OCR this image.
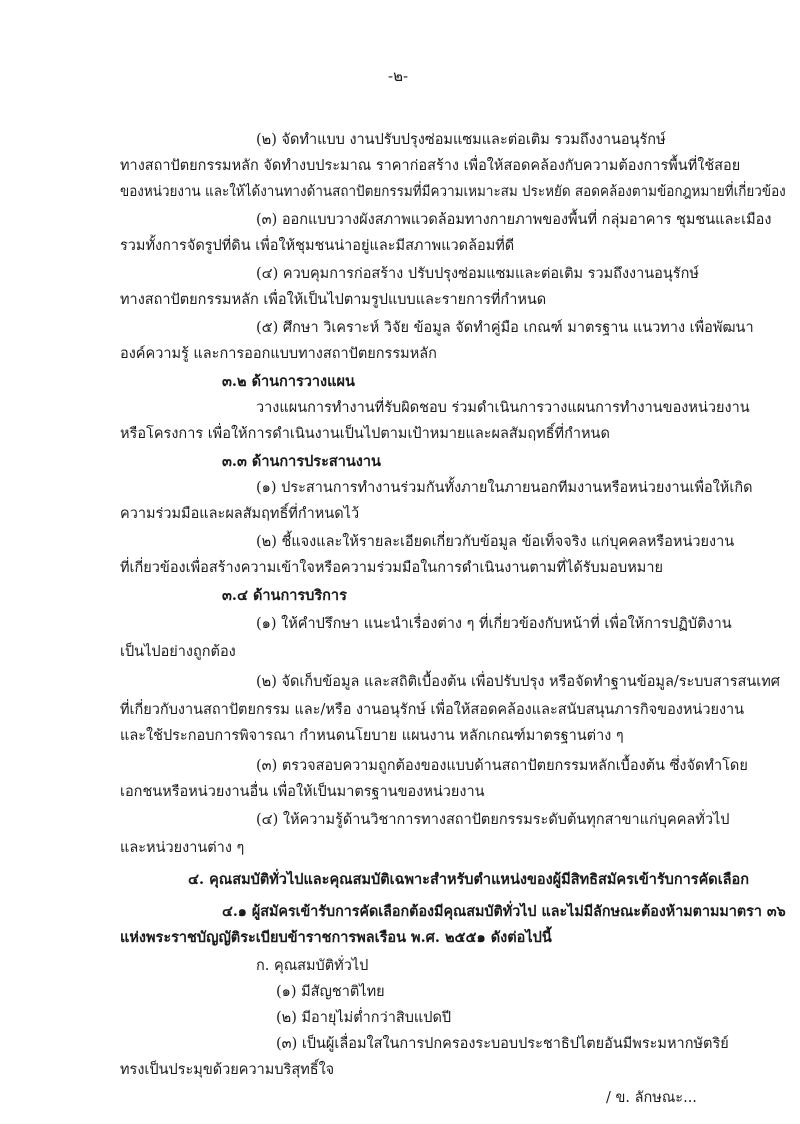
-๒-
(๒) จัดทำแบบ งานปรับปรุงซ่อมแซมและต่อเติม รวมถึงงานอนุรักษ์
ทางสถาปัตยกรรมหลัก จัดทำงบประมาณ ราคาก่อสร้าง เพื่อให้สอดคล้องกับความต้องการพื้นที่ใช้สอย
ของหน่วยงาน และให้ได้งานทางด้านสถาปัตยกรรมที่มีความเหมาะสม ประหยัด สอดคล้องตามข้อกฎหมายที่เกี่ยวข้อง
(๓) ออกแบบวางผังสภาพแวดล้อมทางกายภาพของพื้นที่ กลุ่มอาคาร ชุมชนและเมือง
รวมทั้งการจัดรูปที่ดิน เพื่อให้ชุมชนน่าอยู่และมีสภาพแวดล้อมที่ดี
(๔) ควบคุมการก่อสร้าง ปรับปรุงซ่อมแซมและต่อเติม รวมถึงงานอนุรักษ์
ทางสถาปัตยกรรมหลัก เพื่อให้เป็นไปตามรูปแบบและรายการที่กำหนด
(๕) ศึกษา วิเคราะห์ วิจัย ข้อมูล จัดทำคู่มือ เกณฑ์ มาตรฐาน แนวทาง เพื่อพัฒนา
องค์ความรู้ และการออกแบบทางสถาปัตยกรรมหลัก
๓.๒ ด้านการวางแผน
วางแผนการทำงานที่รับผิดชอบ ร่วมดำเนินการวางแผนการทำงานของหน่วยงาน
หรือโครงการ เพื่อให้การดำเนินงานเป็นไปตามเป้าหมายและผลสัมฤทธิ์ที่กำหนด
๓.๓ ด้านการประสานงาน
(๑) ประสานการทำงานร่วมกันทั้งภายในภายนอกทีมงานหรือหน่วยงานเพื่อให้เกิด
ความร่วมมือและผลสัมฤทธิ์ที่กำหนดไว้
(๒) ชี้แจงและให้รายละเอียดเกี่ยวกับข้อมูล ข้อเท็จจริง แก่บุคคลหรือหน่วยงาน
ที่เกี่ยวข้องเพื่อสร้างความเข้าใจหรือความร่วมมือในการดำเนินงานตามที่ได้รับมอบหมาย
๓.๔ ด้านการบริการ
(๑) ให้คำปรึกษา แนะนำเรื่องต่าง ๆ ที่เกี่ยวข้องกับหน้าที่ เพื่อให้การปฏิบัติงาน
เป็นไปอย่างถูกต้อง
(๒) จัดเก็บข้อมูล และสถิติเบื้องต้น เพื่อปรับปรุง หรือจัดทำฐานข้อมูล/ระบบสารสนเทศ
ที่เกี่ยวกับงานสถาปัตยกรรม และ/หรือ งานอนุรักษ์ เพื่อให้สอดคล้องและสนับสนุนภารกิจของหน่วยงาน
และใช้ประกอบการพิจารณา กำหนดนโยบาย แผนงาน หลักเกณฑ์มาตรฐานต่าง ๆ
(๓) ตรวจสอบความถูกต้องของแบบด้านสถาปัตยกรรมหลักเบื้องต้น ซึ่งจัดทำโดย
เอกชนหรือหน่วยงานอื่น เพื่อให้เป็นมาตรฐานของหน่วยงาน
(๔) ให้ความรู้ด้านวิชาการทางสถาปัตยกรรมระดับต้นทุกสาขาแก่บุคคลทั่วไป
และหน่วยงานต่าง ๆ
๔. คุณสมบัติทั่วไปและคุณสมบัติเฉพาะสำหรับตำแหน่งของผู้มีสิทธิสมัครเข้ารับการคัดเลือก
๔.๑ ผู้สมัครเข้ารับการคัดเลือกต้องมีคุณสมบัติทั่วไป และไม่มีลักษณะต้องห้ามตามมาตรา ๓๖
แห่งพระราชบัญญัติระเบียบข้าราชการพลเรือน พ.ศ. ๒๕๕๑ ดังต่อไปนี้
ก. คุณสมบัติทั่วไป
(๑) มีสัญชาติไทย
(๒) มีอายุไม่ต่ำกว่าสิบแปดปี
(๓) เป็นผู้เลื่อมใสในการปกครองระบอบประชาธิปไตยอันมีพระมหากษัตริย์
ทรงเป็นประมุขด้วยความบริสุทธิ์ใจ
/ ข. ลักษณะ...
